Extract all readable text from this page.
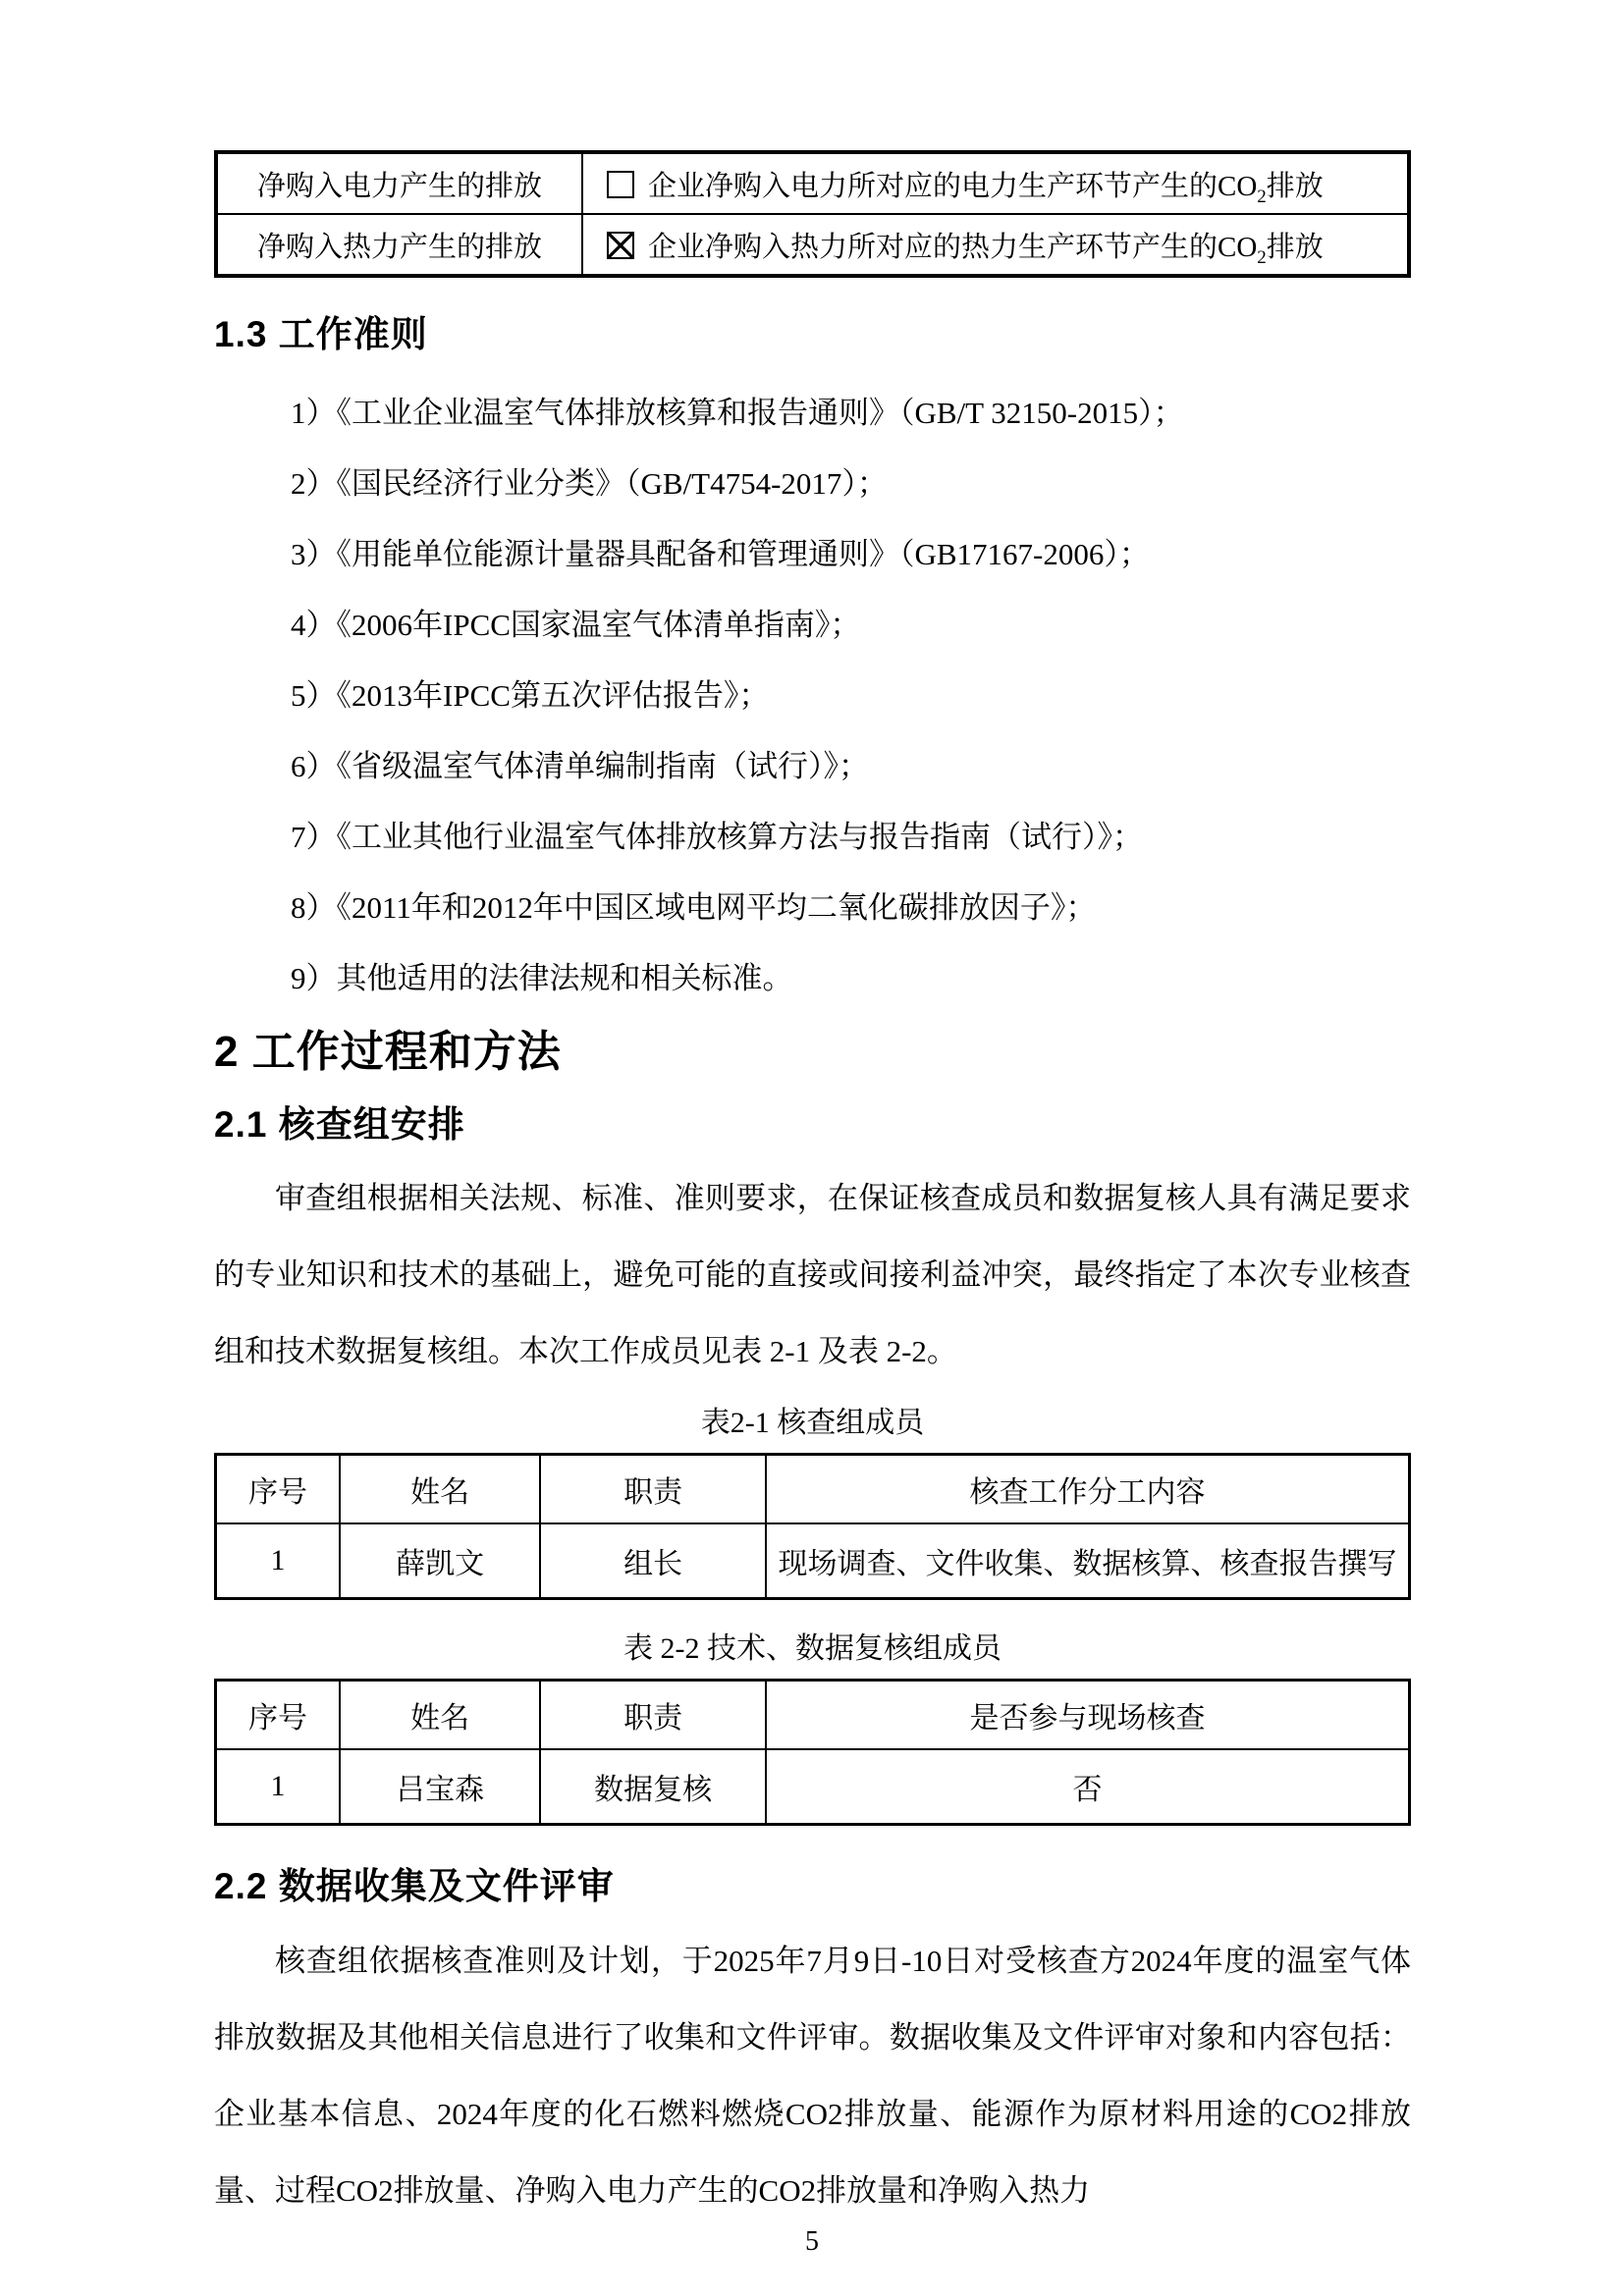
净购入电力产生的排放	企业净购入电力所对应的电力生产环节产生的$CO_2$排放
净购入热力产生的排放	企业净购入热力所对应的热力生产环节产生的$CO_2$排放
1.3 工作准则
1）《工业企业温室气体排放核算和报告通则》（GB/T 32150-2015）；
2）《国民经济行业分类》（GB/T4754-2017）；
3）《用能单位能源计量器具配备和管理通则》（GB17167-2006）；
4）《2006年IPCC国家温室气体清单指南》；
5）《2013年IPCC第五次评估报告》；
6）《省级温室气体清单编制指南（试行）》；
7）《工业其他行业温室气体排放核算方法与报告指南（试行）》；
8）《2011年和2012年中国区域电网平均二氧化碳排放因子》；
9）其他适用的法律法规和相关标准。
2 工作过程和方法
2.1 核查组安排

审查组根据相关法规、标准、准则要求，在保证核查成员和数据复核人具有满足要求的专业知识和技术的基础上，避免可能的直接或间接利益冲突，最终指定了本次专业核查组和技术数据复核组。本次工作成员见表 2-1 及表 2-2。

表2-1 核查组成员
序号	姓名	职责	核查工作分工内容
1	薛凯文	组长	现场调查、文件收集、数据核算、核查报告撰写
表 2-2 技术、数据复核组成员
序号	姓名	职责	是否参与现场核查
1	吕宝森	数据复核	否
2.2 数据收集及文件评审

核查组依据核查准则及计划，于2025年7月9日-10日对受核查方2024年度的温室气体排放数据及其他相关信息进行了收集和文件评审。数据收集及文件评审对象和内容包括：企业基本信息、2024年度的化石燃料燃烧CO2排放量、能源作为原材料用途的CO2排放量、过程CO2排放量、净购入电力产生的CO2排放量和净购入热力

5
